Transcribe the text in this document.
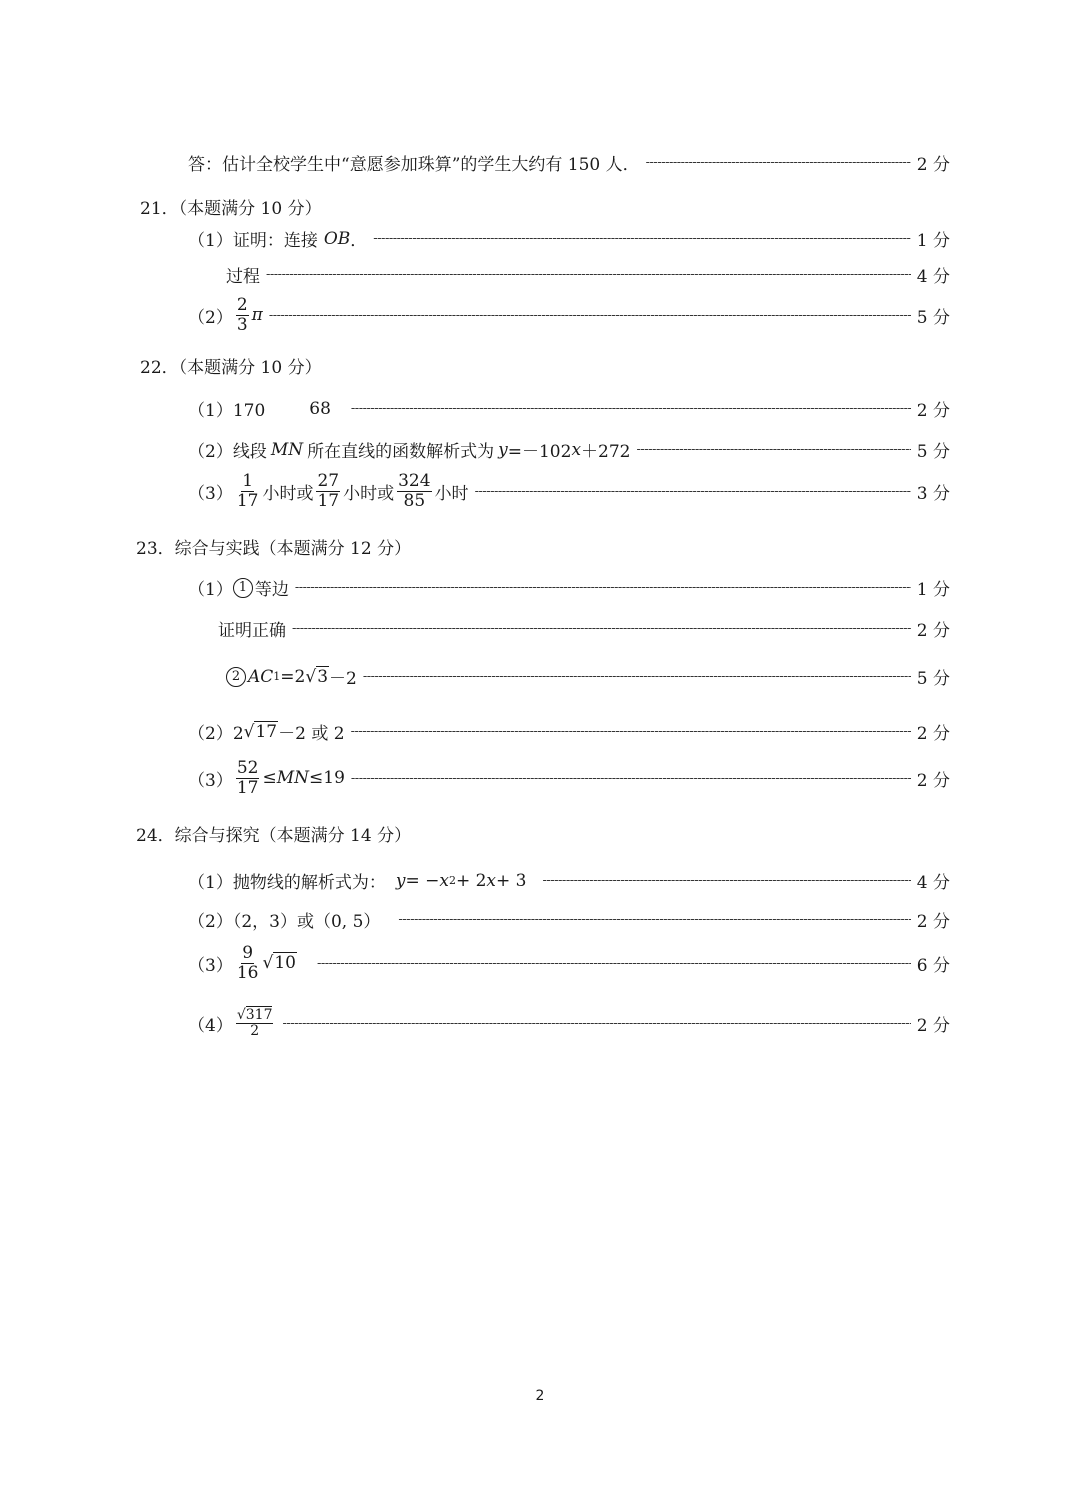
答：估计全校学生中“意愿参加珠算”的学生大约有 150 人． -----	2 分
21．（本题满分 10 分）
（1）证明：连接 OB ． -----	1 分
过程 -----	4 分
$(2) \frac{2}{3}$ π -----	5 分
22．（本题满分 10 分）
（1）170	68 -----	2 分
（2）线段 MN 所在直线的函数解析式为 y =－102 x ＋272 -----	5 分
$(3) \frac{1}{17}$ 小时或 $\frac{27}{17}$ 小时或 $\frac{324}{85}$ 小时 -----	3 分
23．综合与实践（本题满分 12 分）
（1） 1 等边 -----	1 分
证明正确 -----	2 分
2 AC 1 =2 √3 －2 -----	5 分
（2）2 √17 －2 或 2 -----	2 分
$(3) \frac{52}{17}$ ≤ MN ≤19 -----	2 分
24．综合与探究（本题满分 14 分）
（1）抛物线的解析式为： y = − x 2 + 2 x + 3 -----	4 分
（2）（2，3）或（0, 5） -----	2 分
$(3) \frac{9}{16} √10$ -----	6 分
$(4) \frac{√317}{2}$ -----	2 分
2
